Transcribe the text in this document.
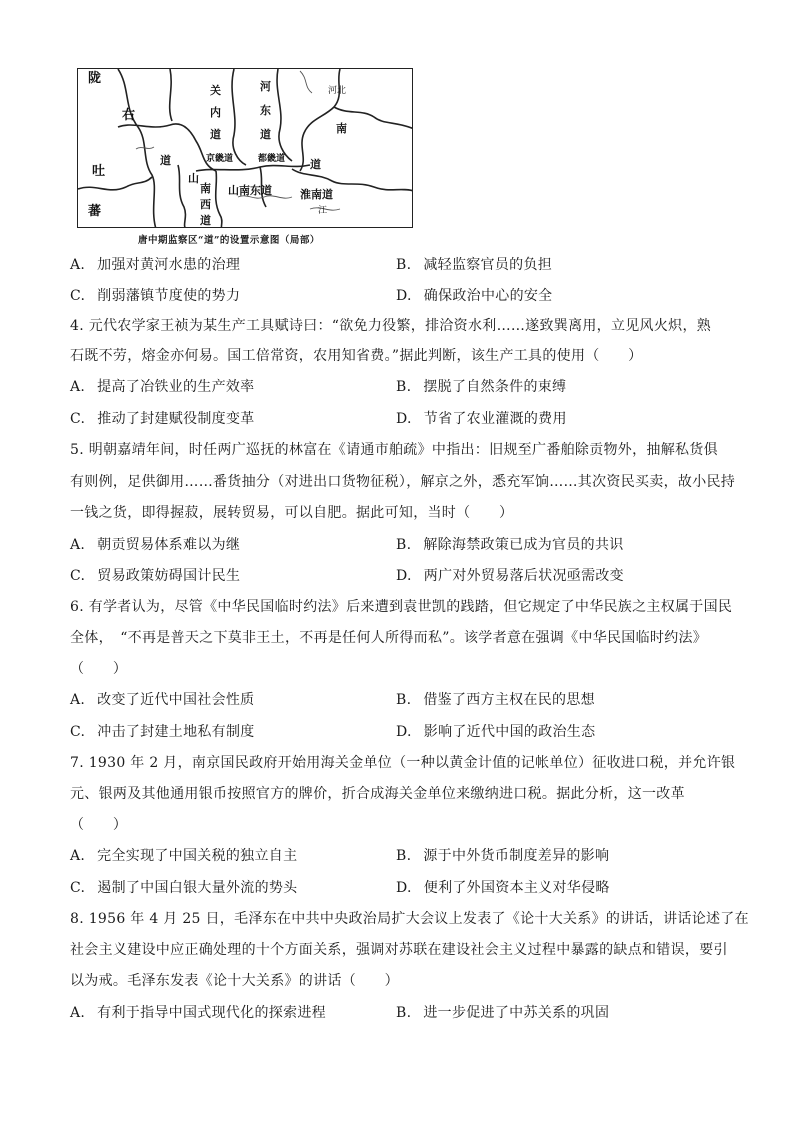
陇
右
道
吐
蕃
关
内
道
河
东
道
河北
南
道
京畿道	都畿道
山
南
西
道
山南东道	淮南道
江
唐中期监察区“道”的设置示意图（局部）
A. 加强对黄河水患的治理	B. 减轻监察官员的负担
C. 削弱藩镇节度使的势力	D. 确保政治中心的安全
4. 元代农学家王祯为某生产工具赋诗曰：“欲免力役繁，排洽资水利……遂致巽离用，立见风火炽，熟
石既不劳，熔金亦何易。国工倍常资，农用知省费。”据此判断，该生产工具的使用（　　）
A. 提高了冶铁业的生产效率	B. 摆脱了自然条件的束缚
C. 推动了封建赋役制度变革	D. 节省了农业灌溉的费用
5. 明朝嘉靖年间，时任两广巡抚的林富在《请通市舶疏》中指出：旧规至广番舶除贡物外，抽解私货俱
有则例，足供御用……番货抽分（对进出口货物征税），解京之外，悉充军饷……其次资民买卖，故小民持
一钱之货，即得握菽，展转贸易，可以自肥。据此可知，当时（　　）
A. 朝贡贸易体系难以为继	B. 解除海禁政策已成为官员的共识
C. 贸易政策妨碍国计民生	D. 两广对外贸易落后状况亟需改变
6. 有学者认为，尽管《中华民国临时约法》后来遭到袁世凯的践踏，但它规定了中华民族之主权属于国民
全体，　“不再是普天之下莫非王土，不再是任何人所得而私”。该学者意在强调《中华民国临时约法》
（　　）
A. 改变了近代中国社会性质	B. 借鉴了西方主权在民的思想
C. 冲击了封建土地私有制度	D. 影响了近代中国的政治生态
7. 1930 年 2 月，南京国民政府开始用海关金单位（一种以黄金计值的记帐单位）征收进口税，并允许银
元、银两及其他通用银币按照官方的牌价，折合成海关金单位来缴纳进口税。据此分析，这一改革
（　　）
A. 完全实现了中国关税的独立自主	B. 源于中外货币制度差异的影响
C. 遏制了中国白银大量外流的势头	D. 便利了外国资本主义对华侵略
8. 1956 年 4 月 25 日，毛泽东在中共中央政治局扩大会议上发表了《论十大关系》的讲话，讲话论述了在
社会主义建设中应正确处理的十个方面关系，强调对苏联在建设社会主义过程中暴露的缺点和错误，要引
以为戒。毛泽东发表《论十大关系》的讲话（　　）
A. 有利于指导中国式现代化的探索进程	B. 进一步促进了中苏关系的巩固
